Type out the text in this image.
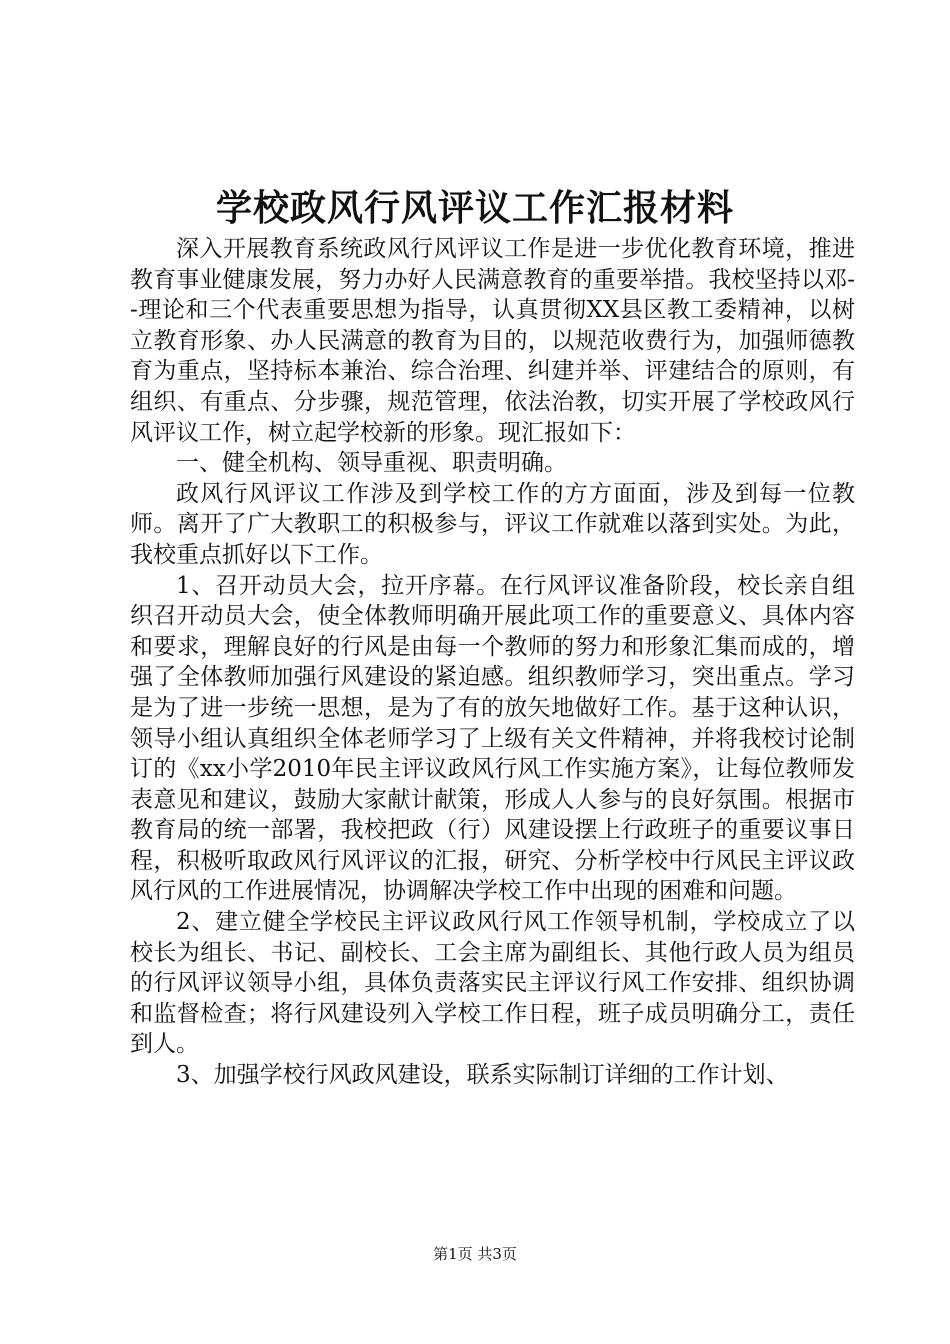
学校政风行风评议工作汇报材料

深入开展教育系统政风行风评议工作是进一步优化教育环境，推进教育事业健康发展，努力办好人民满意教育的重要举措。我校坚持以邓--理论和三个代表重要思想为指导，认真贯彻XX县区教工委精神，以树立教育形象、办人民满意的教育为目的，以规范收费行为，加强师德教育为重点，坚持标本兼治、综合治理、纠建并举、评建结合的原则，有组织、有重点、分步骤，规范管理，依法治教，切实开展了学校政风行风评议工作，树立起学校新的形象。现汇报如下：

一、健全机构、领导重视、职责明确。

政风行风评议工作涉及到学校工作的方方面面，涉及到每一位教师。离开了广大教职工的积极参与，评议工作就难以落到实处。为此，我校重点抓好以下工作。

1、召开动员大会，拉开序幕。在行风评议准备阶段，校长亲自组织召开动员大会，使全体教师明确开展此项工作的重要意义、具体内容和要求，理解良好的行风是由每一个教师的努力和形象汇集而成的，增强了全体教师加强行风建设的紧迫感。组织教师学习，突出重点。学习是为了进一步统一思想，是为了有的放矢地做好工作。基于这种认识，领导小组认真组织全体老师学习了上级有关文件精神，并将我校讨论制订的《xx小学2010年民主评议政风行风工作实施方案》，让每位教师发表意见和建议，鼓励大家献计献策，形成人人参与的良好氛围。根据市教育局的统一部署，我校把政（行）风建设摆上行政班子的重要议事日程，积极听取政风行风评议的汇报，研究、分析学校中行风民主评议政风行风的工作进展情况，协调解决学校工作中出现的困难和问题。

2、建立健全学校民主评议政风行风工作领导机制，学校成立了以校长为组长、书记、副校长、工会主席为副组长、其他行政人员为组员的行风评议领导小组，具体负责落实民主评议行风工作安排、组织协调和监督检查；将行风建设列入学校工作日程，班子成员明确分工，责任到人。

3、加强学校行风政风建设，联系实际制订详细的工作计划、

第1页 共3页
